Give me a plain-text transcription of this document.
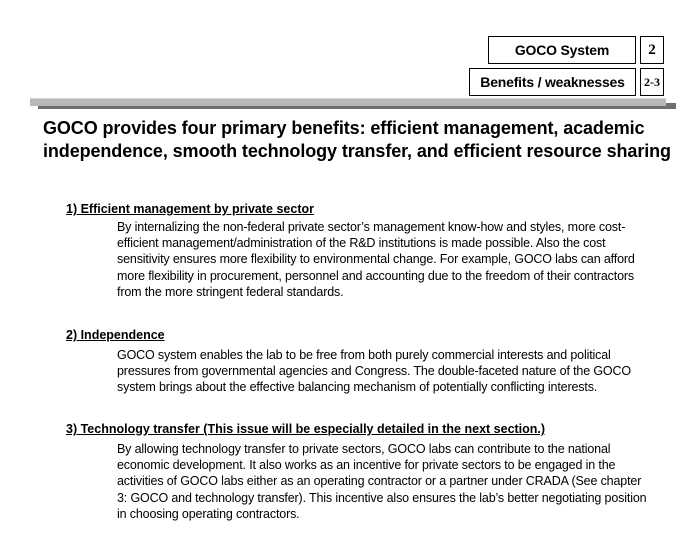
GOCO System
Benefits / weaknesses
2
2-3
GOCO provides four primary benefits: efficient management, academic independence, smooth technology transfer, and efficient resource sharing
1) Efficient management by private sector
By internalizing the non-federal private sector’s management know-how and styles, more cost-efficient management/administration of the R&D institutions is made possible. Also the cost sensitivity ensures more flexibility to environmental change. For example, GOCO labs can afford more flexibility in procurement, personnel and accounting due to the freedom of their contractors from the more stringent federal standards.
2) Independence
GOCO system enables the lab to be free from both purely commercial interests and political pressures from governmental agencies and Congress. The double-faceted nature of the GOCO system brings about the effective balancing mechanism of potentially conflicting interests.
3) Technology transfer (This issue will be especially detailed in the next section.)
By allowing technology transfer to private sectors, GOCO labs can contribute to the national economic development. It also works as an incentive for private sectors to be engaged in the activities of GOCO labs either as an operating contractor or a partner under CRADA (See chapter 3: GOCO and technology transfer). This incentive also ensures the lab’s better negotiating position in choosing operating contractors.
